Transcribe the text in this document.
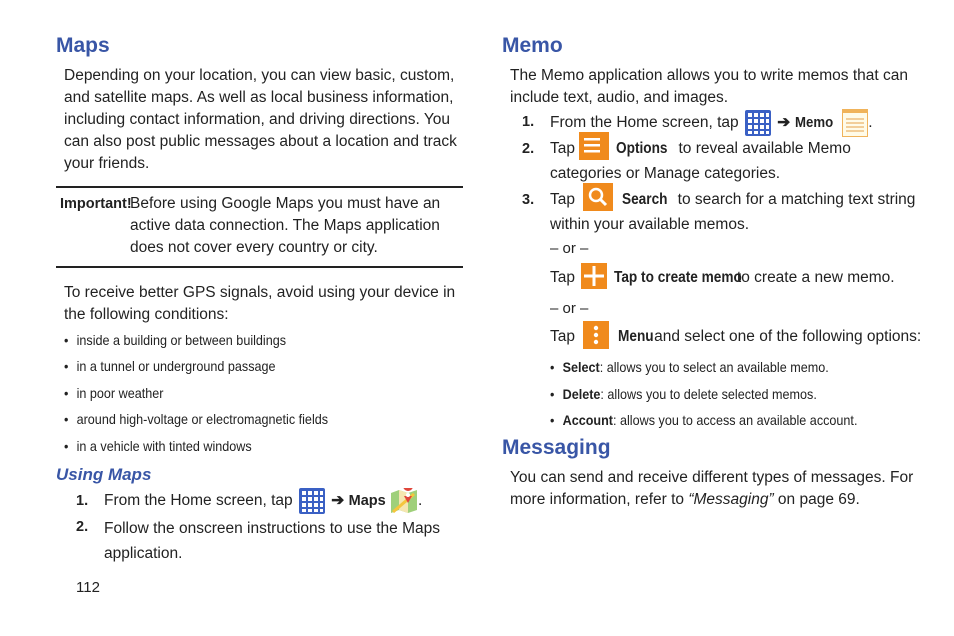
Maps

Depending on your location, you can view basic, custom, and satellite maps. As well as local business information, including contact information, and driving directions. You can also post public messages about a location and track your friends.

Important!
Before using Google Maps you must have an active data connection. The Maps application does not cover every country or city.

To receive better GPS signals, avoid using your device in the following conditions:

• inside a building or between buildings
• in a tunnel or underground passage
• in poor weather
• around high-voltage or electromagnetic fields
• in a vehicle with tinted windows
Using Maps
1. From the Home screen, tap ➔ Maps .
2. Follow the onscreen instructions to use the Maps application.
112
Memo

The Memo application allows you to write memos that can include text, audio, and images.

1. From the Home screen, tap ➔ Memo .
2. Tap	Options to reveal available Memo categories or Manage categories.
3. Tap	Search to search for a matching text string within your available memos.
– or –
Tap Tap to create memoto create a new memo.
– or –
Tap	Menuand select one of the following options:
• Select: allows you to select an available memo.
• Delete: allows you to delete selected memos.
• Account: allows you to access an available account.
Messaging

You can send and receive different types of messages. For more information, refer to “Messaging” on page 69.
